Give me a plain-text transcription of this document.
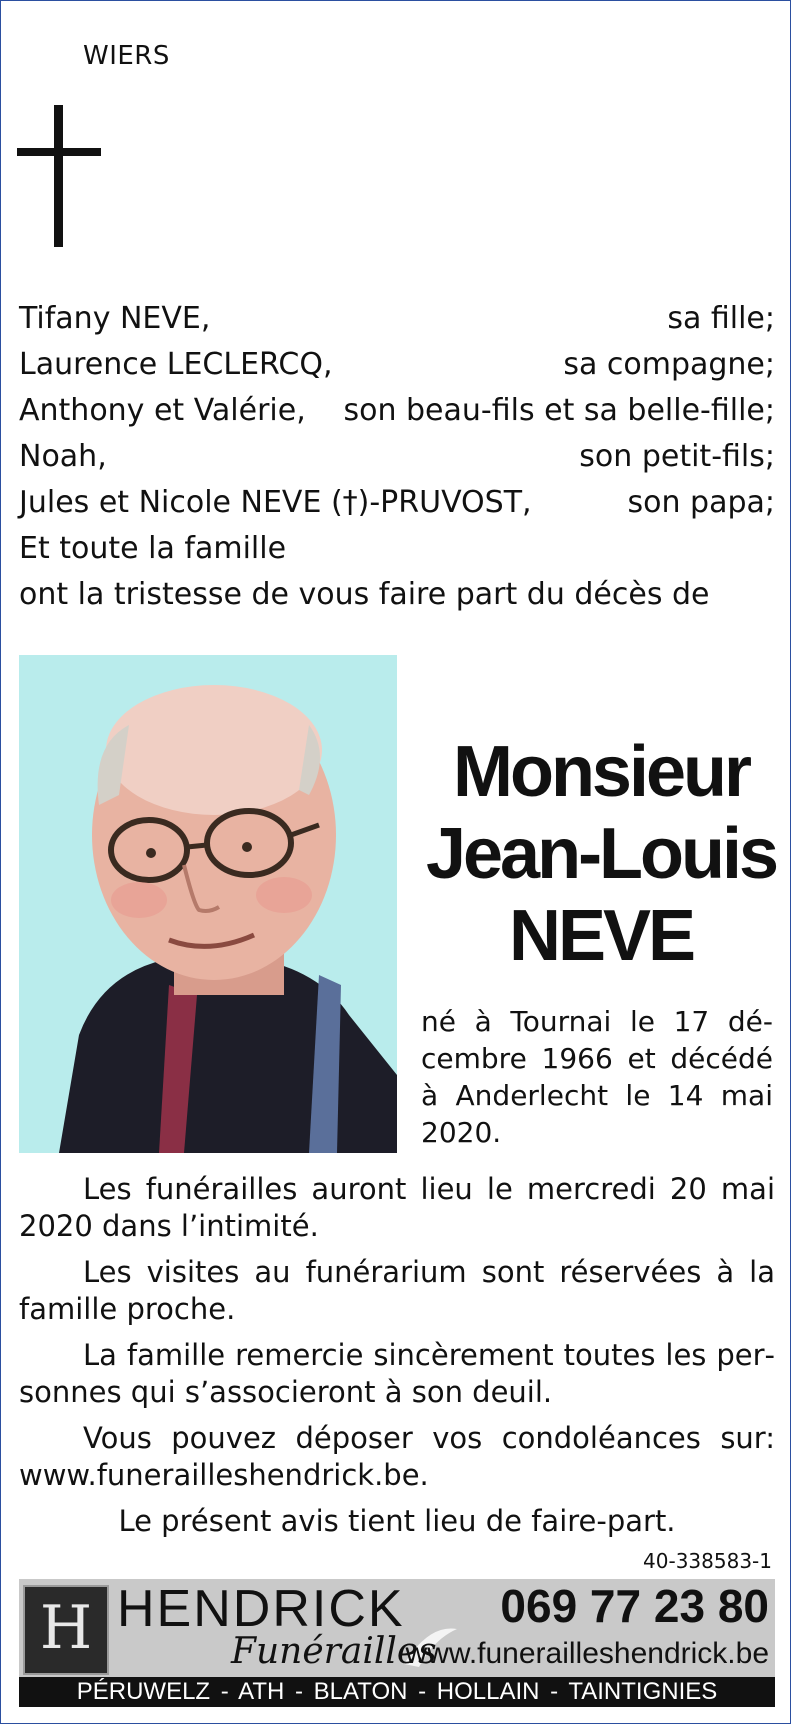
WIERS
Tifany NEVE,	sa fille;
Laurence LECLERCQ,	sa compagne;
Anthony et Valérie, son beau-fils et sa belle-fille;
Noah,	son petit-fils;
Jules et Nicole NEVE (†)-PRUVOST,	son papa;
Et toute la famille
ont la tristesse de vous faire part du décès de
Monsieur
Jean-Louis
NEVE
né à Tournai le 17 décembre 1966 et décédé à Anderlecht le 14 mai 2020.

Les funérailles auront lieu le mercredi 20 mai 2020 dans l’intimité.

Les visites au funérarium sont réservées à la famille proche.

La famille remercie sincèrement toutes les personnes qui s’associeront à son deuil.

Vous pouvez déposer vos condoléances sur: www.funerailleshendrick.be.

Le présent avis tient lieu de faire-part.

40-338583-1
H HENDRICK
Funérailles
069 77 23 80
www.funerailleshendrick.be
PÉRUWELZ - ATH - BLATON - HOLLAIN - TAINTIGNIES
